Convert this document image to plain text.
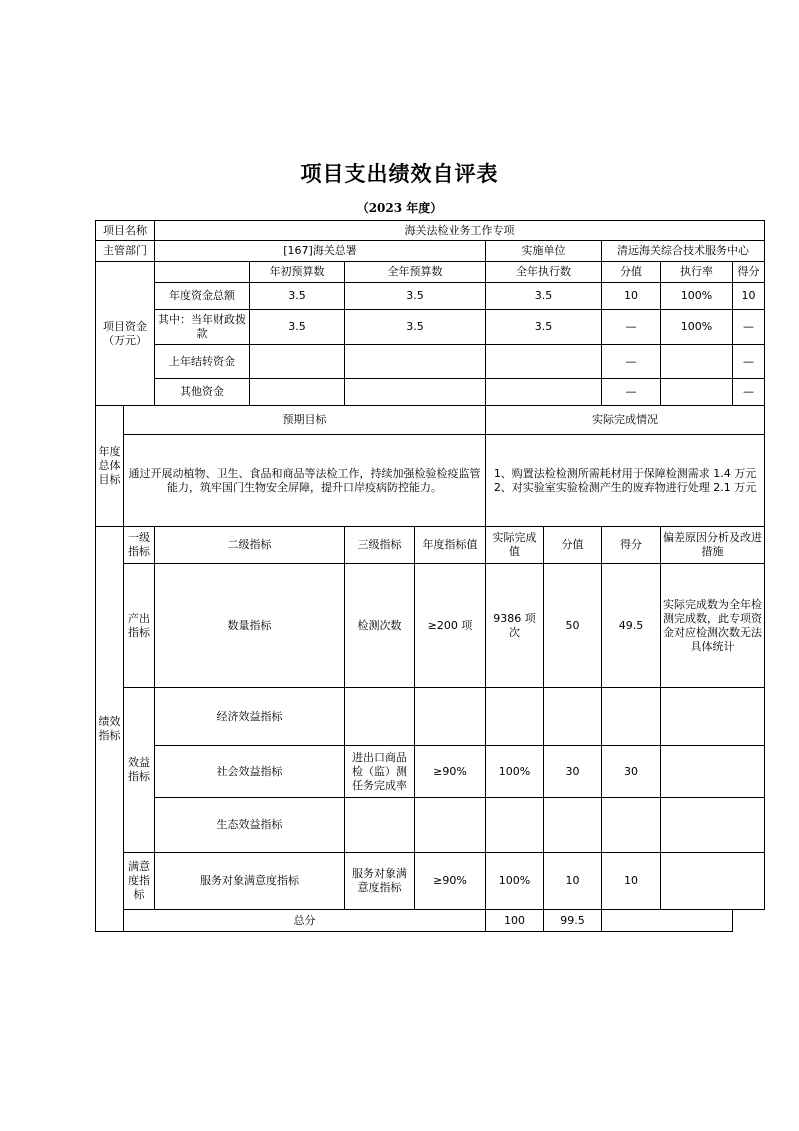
项目支出绩效自评表
（2023 年度）
项目名称		海关法检业务工作专项								
主管部门		[167]海关总署				实施单位		清远海关综合技术服务中心		
项目资金（万元）			年初预算数	全年预算数		全年执行数		分值	执行率	得分
		年度资金总额	3.5	3.5		3.5		10	100%	10
		其中：当年财政拨款	3.5	3.5		3.5		—	100%	—
		上年结转资金						—		—
		其他资金						—		—
年度总体目标	预期目标					实际完成情况				
	通过开展动植物、卫生、食品和商品等法检工作，持续加强检验检疫监管能力，筑牢国门生物安全屏障，提升口岸疫病防控能力。					1、购置法检检测所需耗材用于保障检测需求 1.4 万元 2、对实验室实验检测产生的废弃物进行处理 2.1 万元				
绩效指标	一级指标	二级指标		三级指标	年度指标值	实际完成值	分值	得分	偏差原因分析及改进措施	
	产出指标	数量指标		检测次数	≥200 项	9386 项次	50	49.5	实际完成数为全年检测完成数，此专项资金对应检测次数无法具体统计	
	效益指标	经济效益指标								
		社会效益指标		进出口商品检（监）测任务完成率	≥90%	100%	30	30		
		生态效益指标								
	满意度指标	服务对象满意度指标		服务对象满意度指标	≥90%	100%	10	10		
	总分					100	99.5			
